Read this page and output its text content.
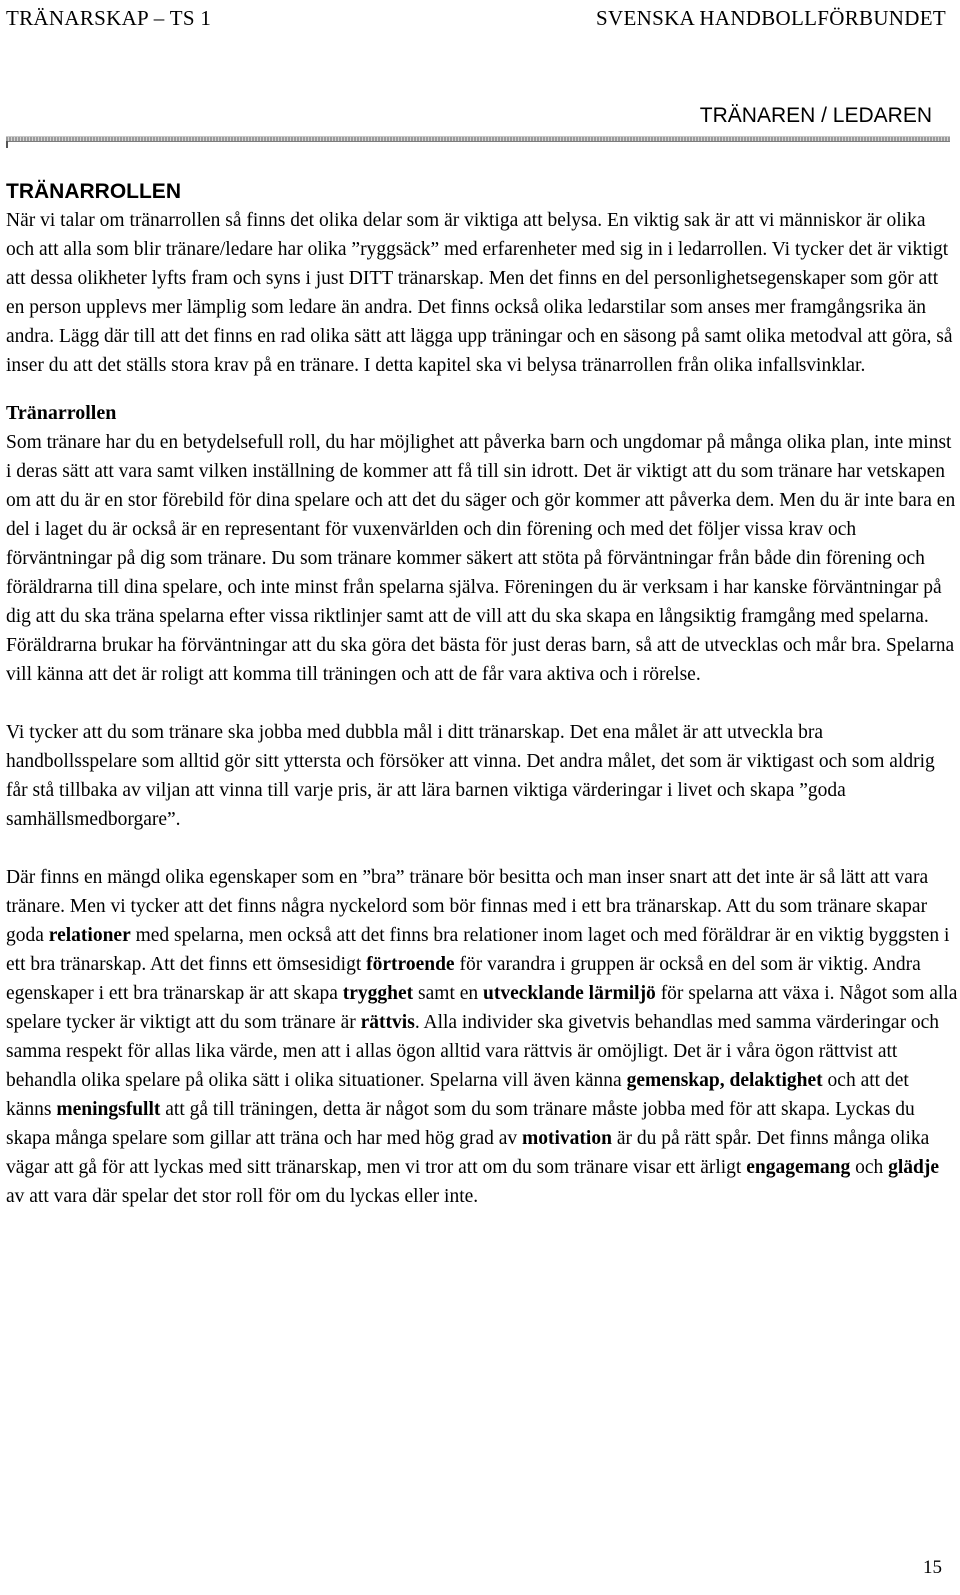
TRÄNARSKAP – TS 1	SVENSKA HANDBOLLFÖRBUNDET
TRÄNAREN / LEDAREN
TRÄNARROLLEN

När vi talar om tränarrollen så finns det olika delar som är viktiga att belysa. En viktig sak är att vi människor är olika och att alla som blir tränare/ledare har olika ”ryggsäck” med erfarenheter med sig in i ledarrollen. Vi tycker det är viktigt att dessa olikheter lyfts fram och syns i just DITT tränarskap. Men det finns en del personlighetsegenskaper som gör att en person upplevs mer lämplig som ledare än andra. Det finns också olika ledarstilar som anses mer framgångsrika än andra. Lägg där till att det finns en rad olika sätt att lägga upp träningar och en säsong på samt olika metodval att göra, så inser du att det ställs stora krav på en tränare. I detta kapitel ska vi belysa tränarrollen från olika infallsvinklar.

Tränarrollen

Som tränare har du en betydelsefull roll, du har möjlighet att påverka barn och ungdomar på många olika plan, inte minst i deras sätt att vara samt vilken inställning de kommer att få till sin idrott. Det är viktigt att du som tränare har vetskapen om att du är en stor förebild för dina spelare och att det du säger och gör kommer att påverka dem. Men du är inte bara en del i laget du är också är en representant för vuxenvärlden och din förening och med det följer vissa krav och förväntningar på dig som tränare. Du som tränare kommer säkert att stöta på förväntningar från både din förening och föräldrarna till dina spelare, och inte minst från spelarna själva. Föreningen du är verksam i har kanske förväntningar på dig att du ska träna spelarna efter vissa riktlinjer samt att de vill att du ska skapa en långsiktig framgång med spelarna. Föräldrarna brukar ha förväntningar att du ska göra det bästa för just deras barn, så att de utvecklas och mår bra. Spelarna vill känna att det är roligt att komma till träningen och att de får vara aktiva och i rörelse.

Vi tycker att du som tränare ska jobba med dubbla mål i ditt tränarskap. Det ena målet är att utveckla bra handbollsspelare som alltid gör sitt yttersta och försöker att vinna. Det andra målet, det som är viktigast och som aldrig får stå tillbaka av viljan att vinna till varje pris, är att lära barnen viktiga värderingar i livet och skapa ”goda samhällsmedborgare”.

Där finns en mängd olika egenskaper som en ”bra” tränare bör besitta och man inser snart att det inte är så lätt att vara tränare. Men vi tycker att det finns några nyckelord som bör finnas med i ett bra tränarskap. Att du som tränare skapar goda relationer med spelarna, men också att det finns bra relationer inom laget och med föräldrar är en viktig byggsten i ett bra tränarskap. Att det finns ett ömsesidigt förtroende för varandra i gruppen är också en del som är viktig. Andra egenskaper i ett bra tränarskap är att skapa trygghet samt en utvecklande lärmiljö för spelarna att växa i. Något som alla spelare tycker är viktigt att du som tränare är rättvis. Alla individer ska givetvis behandlas med samma värderingar och samma respekt för allas lika värde, men att i allas ögon alltid vara rättvis är omöjligt. Det är i våra ögon rättvist att behandla olika spelare på olika sätt i olika situationer. Spelarna vill även känna gemenskap, delaktighet och att det känns meningsfullt att gå till träningen, detta är något som du som tränare måste jobba med för att skapa. Lyckas du skapa många spelare som gillar att träna och har med hög grad av motivation är du på rätt spår. Det finns många olika vägar att gå för att lyckas med sitt tränarskap, men vi tror att om du som tränare visar ett ärligt engagemang och glädje av att vara där spelar det stor roll för om du lyckas eller inte.

15
